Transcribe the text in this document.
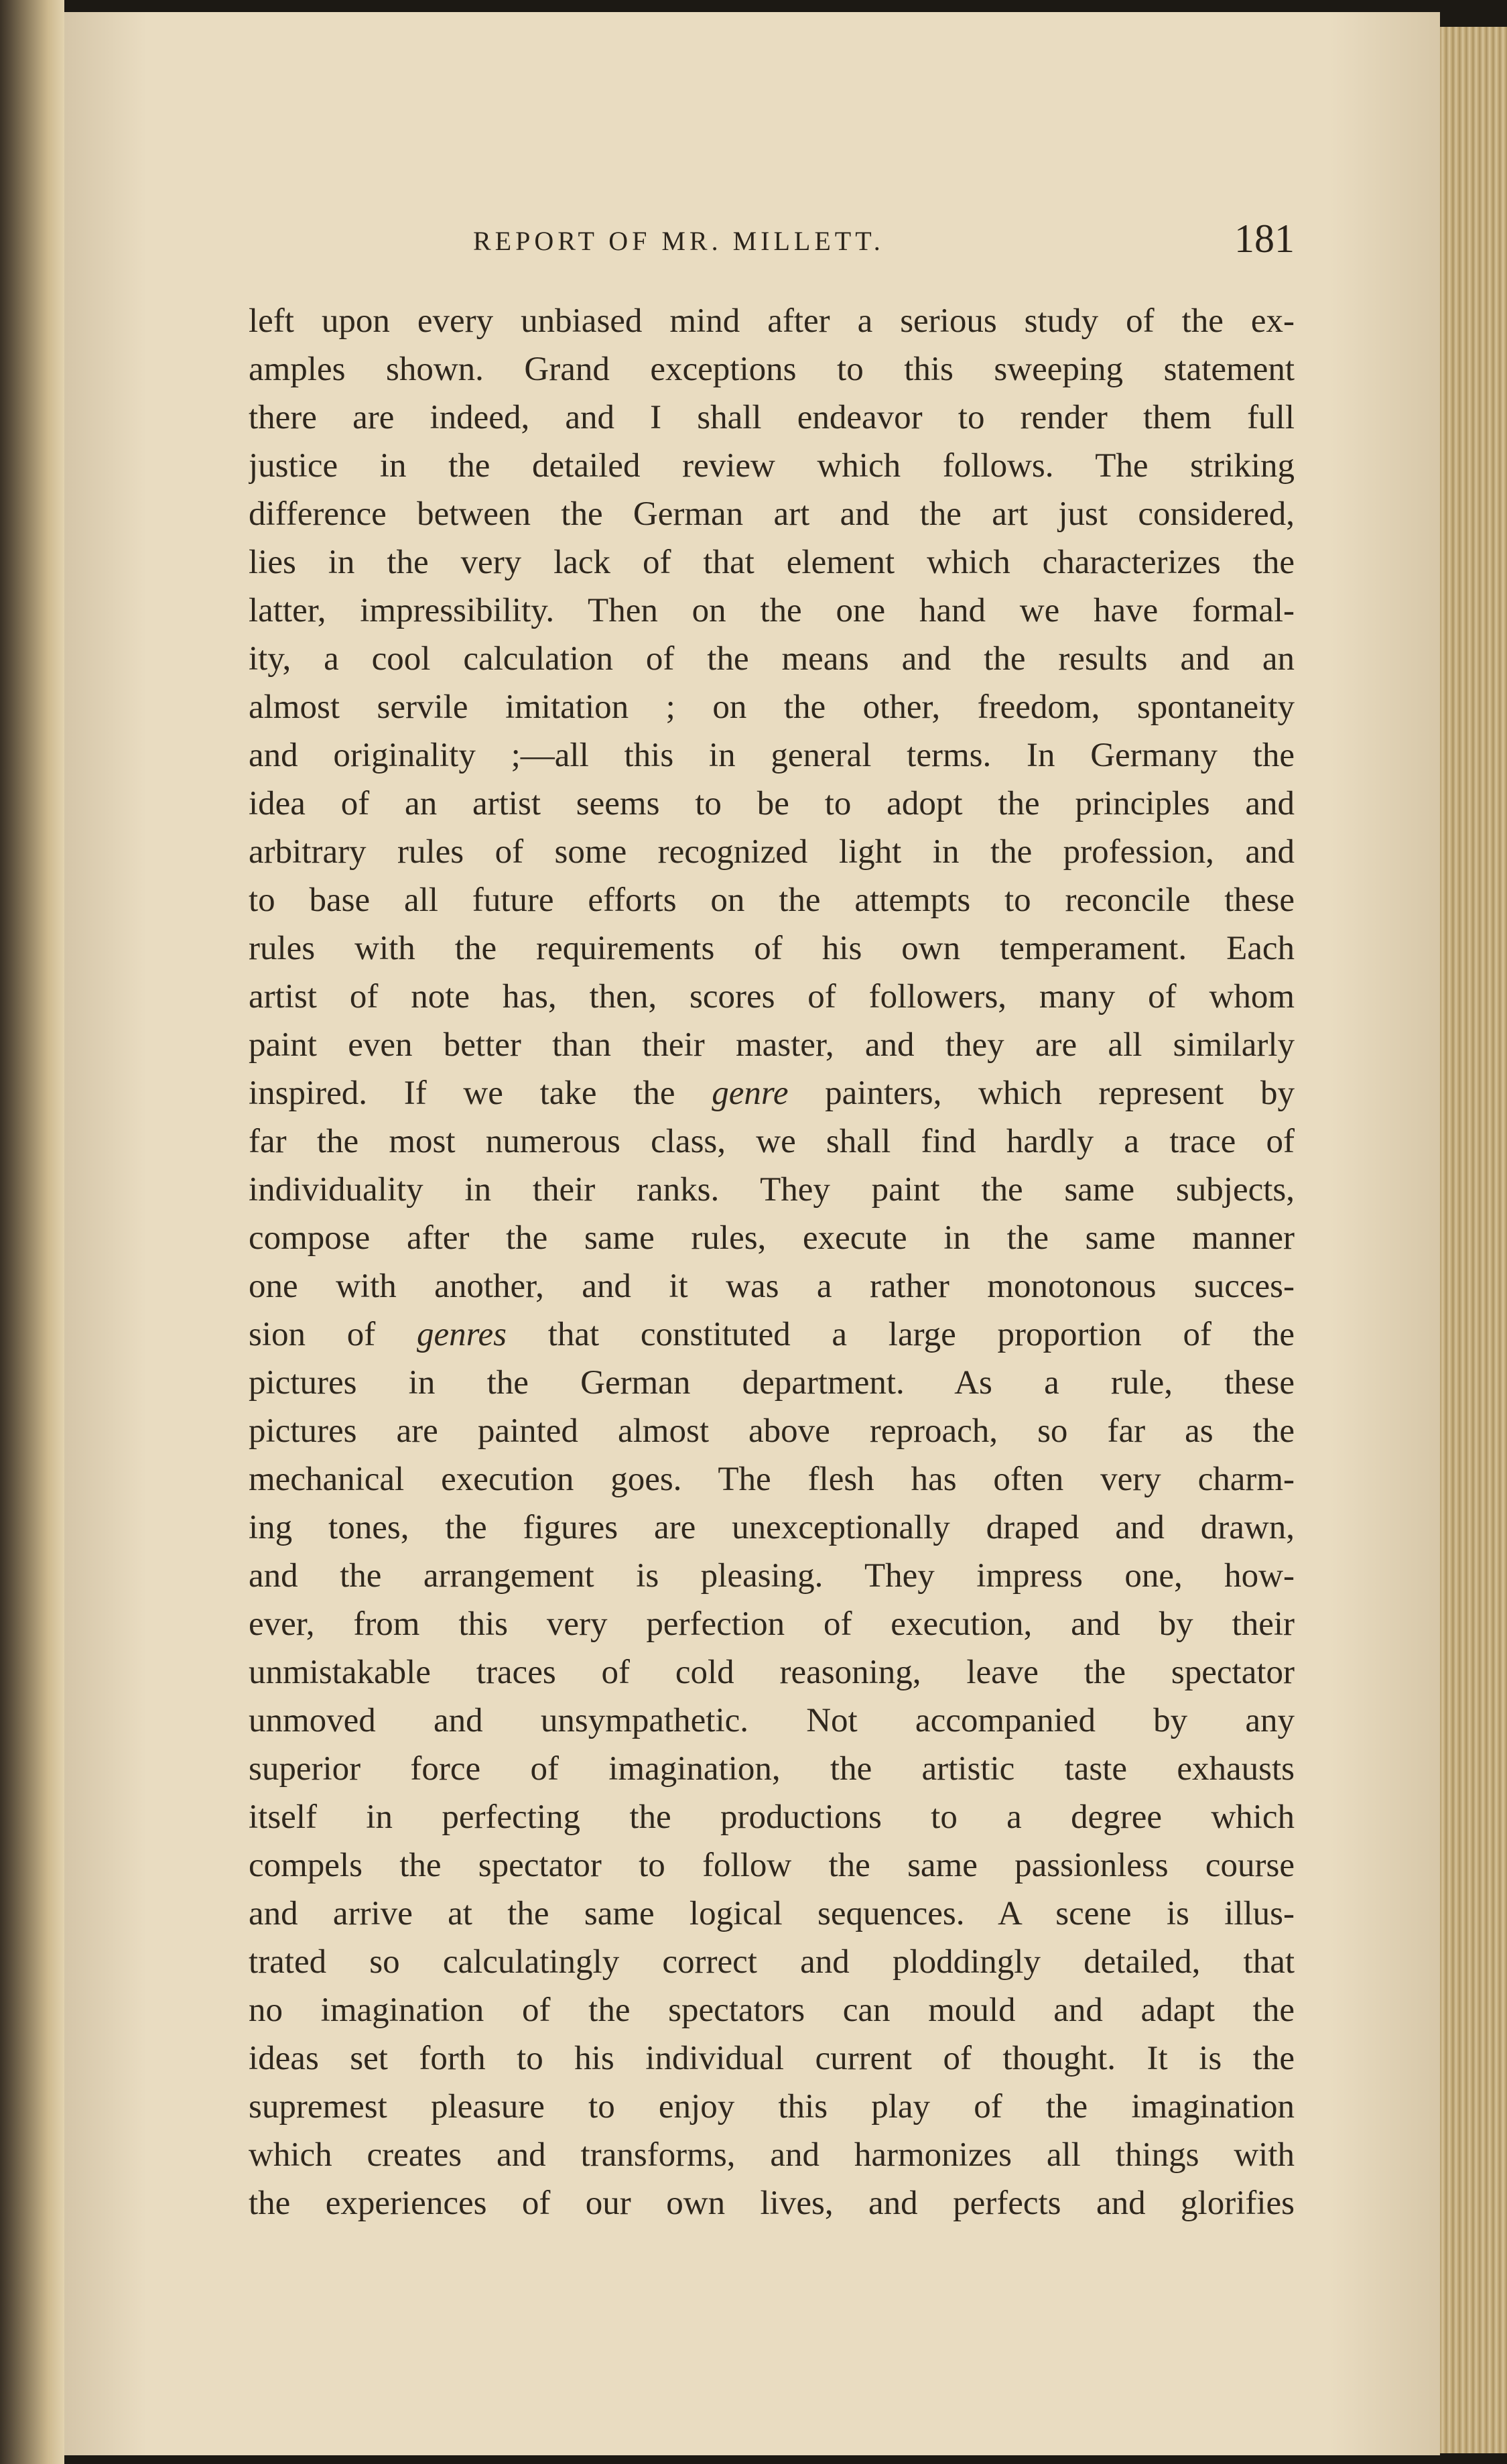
REPORT OF MR. MILLETT.	181
left upon every unbiased mind after a serious study of the ex-
amples shown. Grand exceptions to this sweeping statement
there are indeed, and I shall endeavor to render them full
justice in the detailed review which follows. The striking
difference between the German art and the art just considered,
lies in the very lack of that element which characterizes the
latter, impressibility. Then on the one hand we have formal-
ity, a cool calculation of the means and the results and an
almost servile imitation ; on the other, freedom, spontaneity
and originality ;—all this in general terms. In Germany the
idea of an artist seems to be to adopt the principles and
arbitrary rules of some recognized light in the profession, and
to base all future efforts on the attempts to reconcile these
rules with the requirements of his own temperament. Each
artist of note has, then, scores of followers, many of whom
paint even better than their master, and they are all similarly
inspired. If we take the genre painters, which represent by
far the most numerous class, we shall find hardly a trace of
individuality in their ranks. They paint the same subjects,
compose after the same rules, execute in the same manner
one with another, and it was a rather monotonous succes-
sion of genres that constituted a large proportion of the
pictures in the German department. As a rule, these
pictures are painted almost above reproach, so far as the
mechanical execution goes. The flesh has often very charm-
ing tones, the figures are unexceptionally draped and drawn,
and the arrangement is pleasing. They impress one, how-
ever, from this very perfection of execution, and by their
unmistakable traces of cold reasoning, leave the spectator
unmoved and unsympathetic. Not accompanied by any
superior force of imagination, the artistic taste exhausts
itself in perfecting the productions to a degree which
compels the spectator to follow the same passionless course
and arrive at the same logical sequences. A scene is illus-
trated so calculatingly correct and ploddingly detailed, that
no imagination of the spectators can mould and adapt the
ideas set forth to his individual current of thought. It is the
supremest pleasure to enjoy this play of the imagination
which creates and transforms, and harmonizes all things with
the experiences of our own lives, and perfects and glorifies
